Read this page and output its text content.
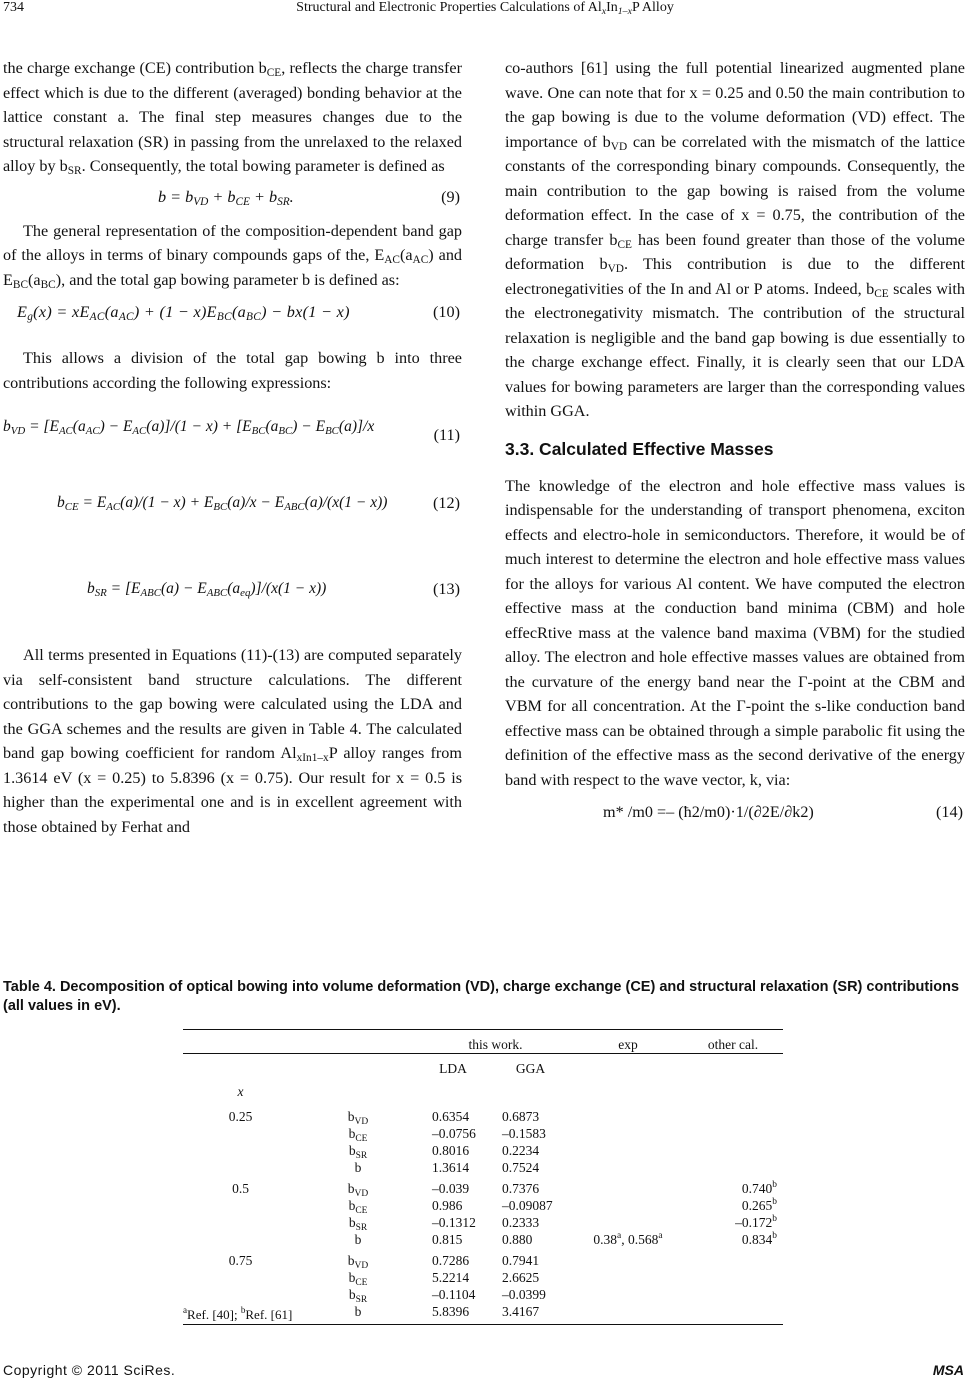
734	Structural and Electronic Properties Calculations of $Al_xIn_{1-x}P$ Alloy

the charge exchange (CE) contribution $b_{CE}$, reflects the charge transfer effect which is due to the different (averaged) bonding behavior at the lattice constant a. The final step measures changes due to the structural relaxation (SR) in passing from the unrelaxed to the relaxed alloy by $b_{SR}$. Consequently, the total bowing parameter is defined as

$b = b_{VD} + b_{CE} + b_{SR}$.	(9)

The general representation of the composition-dependent band gap of the alloys in terms of binary compounds gaps of the, $E_{AC}(a_{AC})$ and $E_{BC}(a_{BC})$, and the total gap bowing parameter b is defined as:

$E_g(x) = xE_{AC}(a_{AC}) + (1 - x)E_{BC}(a_{BC}) - bx(1 - x)$	(10)

This allows a division of the total gap bowing b into three contributions according the following expressions:

$b_{VD} = [E_{AC}(a_{AC}) - E_{AC}(a)]/(1 - x) + [E_{BC}(a_{BC}) - E_{BC}(a)]/x$	(11)
$b_{CE} = E_{AC}(a)/(1 - x) + E_{BC}(a)/x - E_{ABC}(a)/(x(1 - x))$	(12)
$b_{SR} = [E_{ABC}(a) - E_{ABC}(a_{eq})]/(x(1 - x))$	(13)

All terms presented in Equations (11)-(13) are computed separately via self-consistent band structure calculations. The different contributions to the gap bowing were calculated using the LDA and the GGA schemes and the results are given in Table 4. The calculated band gap bowing coefficient for random $Al_{xIn1-x}P$ alloy ranges from 1.3614 eV (x = 0.25) to 5.8396 (x = 0.75). Our result for x = 0.5 is higher than the experimental one and is in excellent agreement with those obtained by Ferhat and

co-authors [61] using the full potential linearized augmented plane wave. One can note that for x = 0.25 and 0.50 the main contribution to the gap bowing is due to the volume deformation (VD) effect. The importance of $b_{VD}$ can be correlated with the mismatch of the lattice constants of the corresponding binary compounds. Consequently, the main contribution to the gap bowing is raised from the volume deformation effect. In the case of x = 0.75, the contribution of the charge transfer $b_{CE}$ has been found greater than those of the volume deformation $b_{VD}$. This contribution is due to the different electronegativities of the In and Al or P atoms. Indeed, $b_{CE}$ scales with the electronegativity mismatch. The contribution of the structural relaxation is negligible and the band gap bowing is due essentially to the charge exchange effect. Finally, it is clearly seen that our LDA values for bowing parameters are larger than the corresponding values within GGA.

3.3. Calculated Effective Masses

The knowledge of the electron and hole effective mass values is indispensable for the understanding of transport phenomena, exciton effects and electro-hole in semiconductors. Therefore, it would be of much interest to determine the electron and hole effective mass values for the alloys for various Al content. We have computed the electron effective mass at the conduction band minima (CBM) and hole effecRtive mass at the valence band maxima (VBM) for the studied alloy. The electron and hole effective masses values are obtained from the curvature of the energy band near the Γ-point at the CBM and VBM for all concentration. At the Γ-point the s-like conduction band effective mass can be obtained through a simple parabolic fit using the definition of the effective mass as the second derivative of the energy band with respect to the wave vector, k, via:

m* /m0 =– (ħ2/m0)·1/(∂2E/∂k2)	(14)
Table 4. Decomposition of optical bowing into volume deformation (VD), charge exchange (CE) and structural relaxation (SR) contributions (all values in eV).
		this work.		exp	other cal.
		LDA	GGA		
x					
0.25	$b_{VD}$	0.6354	0.6873		
	$b_{CE}$	–0.0756	–0.1583		
	$b_{SR}$	0.8016	0.2234		
	b	1.3614	0.7524		
0.5	$b_{VD}$	–0.039	0.7376		0.740$^b$
	$b_{CE}$	0.986	–0.09087		0.265$^b$
	$b_{SR}$	–0.1312	0.2333		–0.172$^b$
	b	0.815	0.880	0.38$^a$, 0.568$^a$	0.834$^b$
0.75	$b_{VD}$	0.7286	0.7941		
	$b_{CE}$	5.2214	2.6625		
	$b_{SR}$	–0.1104	–0.0399		
	b	5.8396	3.4167		
$^a$Ref. [40]; $^b$Ref. [61]
Copyright © 2011 SciRes.	MSA
